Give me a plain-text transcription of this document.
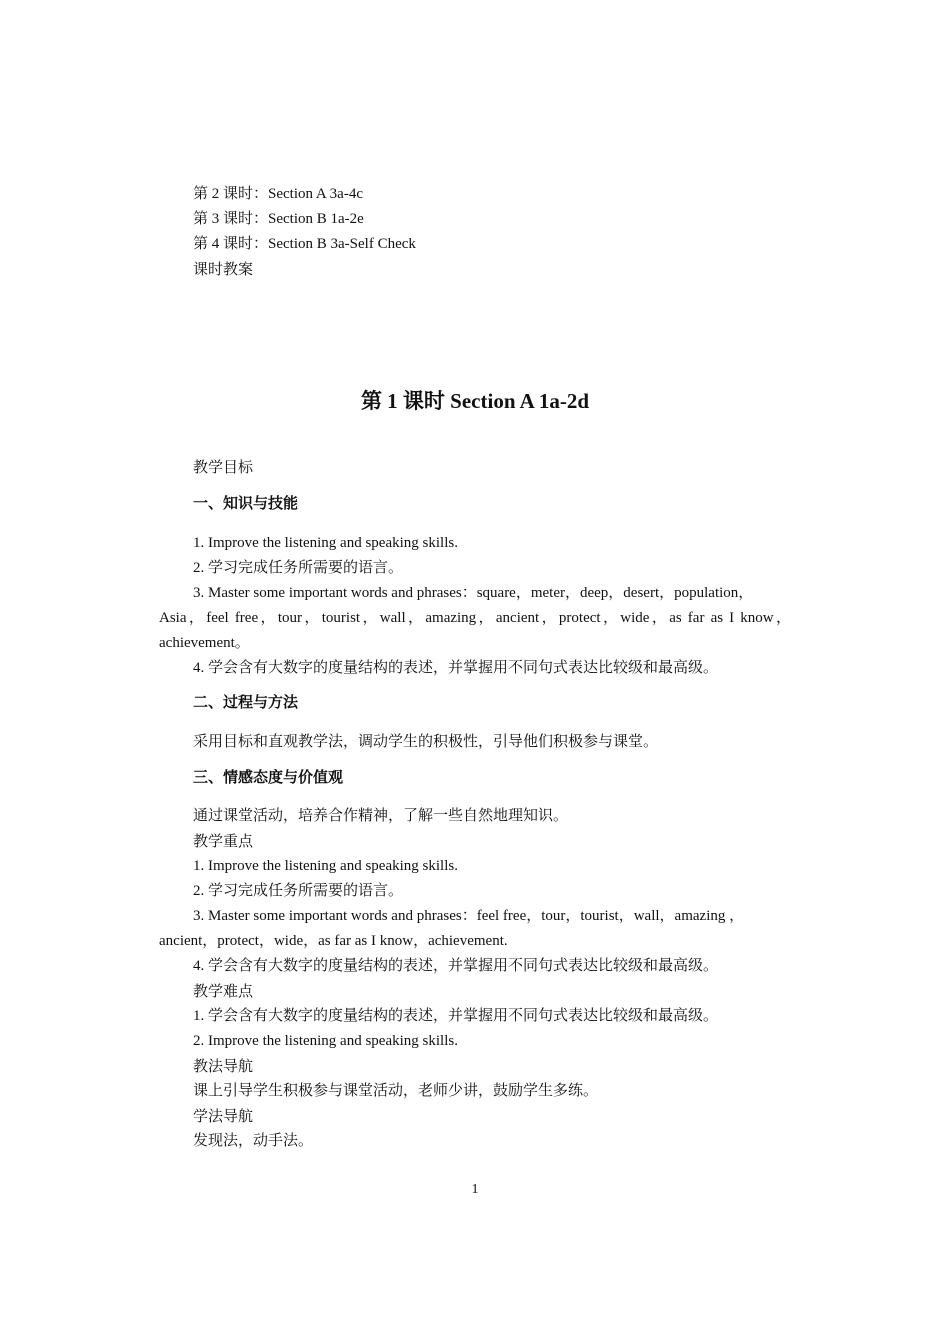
第 2 课时：Section A 3a-4c
第 3 课时：Section B 1a-2e
第 4 课时：Section B 3a-Self Check
课时教案
第 1 课时 Section A 1a-2d
教学目标
一、知识与技能
1. Improve the listening and speaking skills.
2. 学习完成任务所需要的语言。
3. Master some important words and phrases：square，meter，deep，desert，population，
Asia，feel free，tour，tourist，wall，amazing，ancient，protect，wide，as far as I know，
achievement。
4. 学会含有大数字的度量结构的表述，并掌握用不同句式表达比较级和最高级。
二、过程与方法
采用目标和直观教学法，调动学生的积极性，引导他们积极参与课堂。
三、情感态度与价值观
通过课堂活动，培养合作精神，了解一些自然地理知识。
教学重点
1. Improve the listening and speaking skills.
2. 学习完成任务所需要的语言。
3. Master some important words and phrases：feel free，tour，tourist，wall，amazing ，
ancient，protect，wide，as far as I know，achievement.
4. 学会含有大数字的度量结构的表述，并掌握用不同句式表达比较级和最高级。
教学难点
1. 学会含有大数字的度量结构的表述，并掌握用不同句式表达比较级和最高级。
2. Improve the listening and speaking skills.
教法导航
课上引导学生积极参与课堂活动，老师少讲，鼓励学生多练。
学法导航
发现法，动手法。
1
